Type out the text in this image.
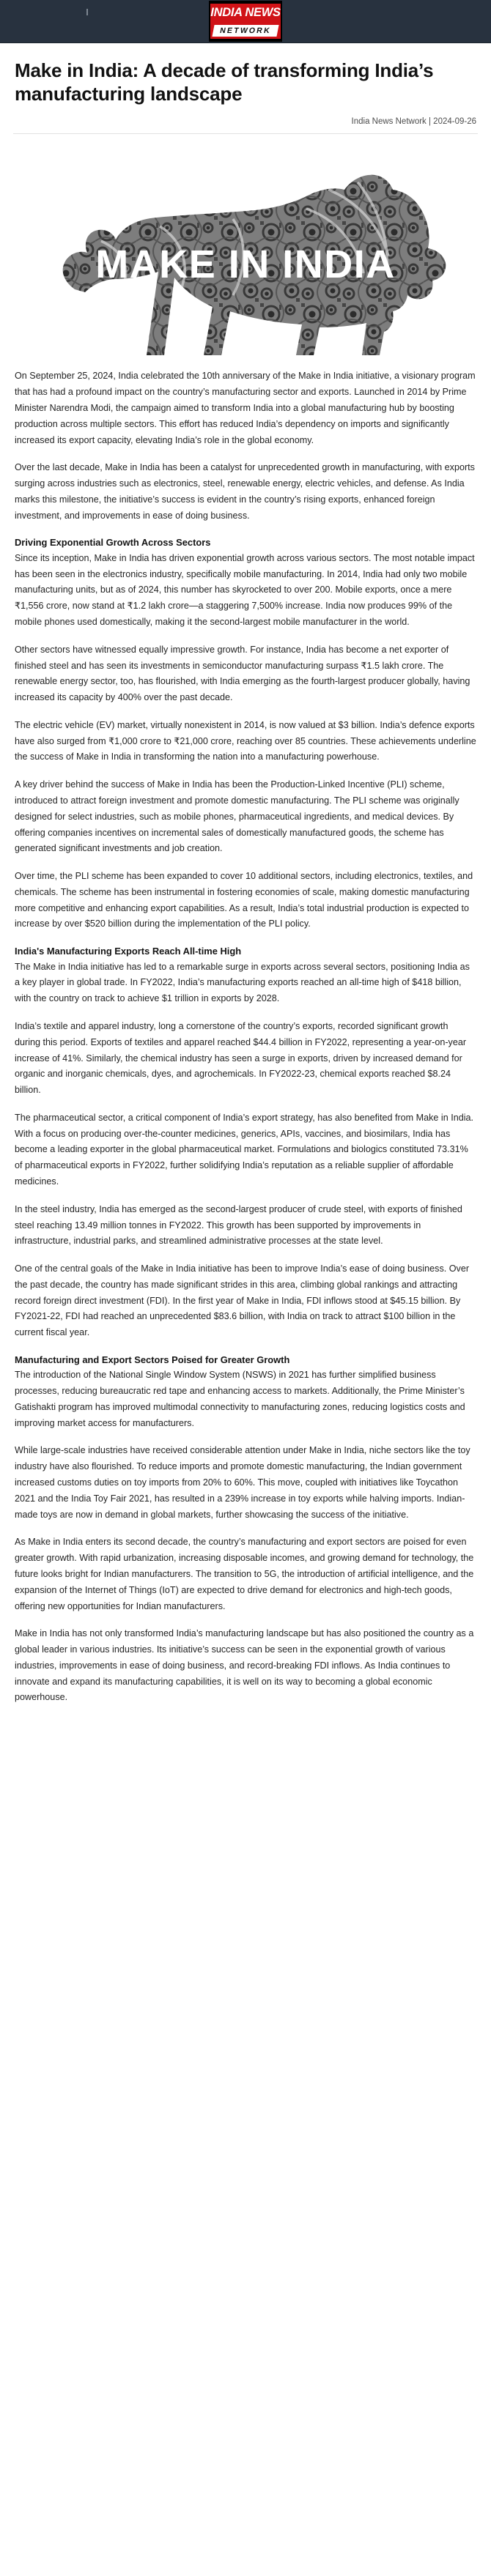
INDIA NEWS
NETWORK
Make in India: A decade of transforming India’s manufacturing landscape
India News Network | 2024-09-26
MAKE IN INDIA

On September 25, 2024, India celebrated the 10th anniversary of the Make in India initiative, a visionary program that has had a profound impact on the country’s manufacturing sector and exports. Launched in 2014 by Prime Minister Narendra Modi, the campaign aimed to transform India into a global manufacturing hub by boosting production across multiple sectors. This effort has reduced India’s dependency on imports and significantly increased its export capacity, elevating India’s role in the global economy.

Over the last decade, Make in India has been a catalyst for unprecedented growth in manufacturing, with exports surging across industries such as electronics, steel, renewable energy, electric vehicles, and defense. As India marks this milestone, the initiative’s success is evident in the country’s rising exports, enhanced foreign investment, and improvements in ease of doing business.

Driving Exponential Growth Across Sectors

Since its inception, Make in India has driven exponential growth across various sectors. The most notable impact has been seen in the electronics industry, specifically mobile manufacturing. In 2014, India had only two mobile manufacturing units, but as of 2024, this number has skyrocketed to over 200. Mobile exports, once a mere ₹1,556 crore, now stand at ₹1.2 lakh crore—a staggering 7,500% increase. India now produces 99% of the mobile phones used domestically, making it the second-largest mobile manufacturer in the world.

Other sectors have witnessed equally impressive growth. For instance, India has become a net exporter of finished steel and has seen its investments in semiconductor manufacturing surpass ₹1.5 lakh crore. The renewable energy sector, too, has flourished, with India emerging as the fourth-largest producer globally, having increased its capacity by 400% over the past decade.

The electric vehicle (EV) market, virtually nonexistent in 2014, is now valued at $3 billion. India’s defence exports have also surged from ₹1,000 crore to ₹21,000 crore, reaching over 85 countries. These achievements underline the success of Make in India in transforming the nation into a manufacturing powerhouse.

A key driver behind the success of Make in India has been the Production-Linked Incentive (PLI) scheme, introduced to attract foreign investment and promote domestic manufacturing. The PLI scheme was originally designed for select industries, such as mobile phones, pharmaceutical ingredients, and medical devices. By offering companies incentives on incremental sales of domestically manufactured goods, the scheme has generated significant investments and job creation.

Over time, the PLI scheme has been expanded to cover 10 additional sectors, including electronics, textiles, and chemicals. The scheme has been instrumental in fostering economies of scale, making domestic manufacturing more competitive and enhancing export capabilities. As a result, India’s total industrial production is expected to increase by over $520 billion during the implementation of the PLI policy.

India's Manufacturing Exports Reach All-time High

The Make in India initiative has led to a remarkable surge in exports across several sectors, positioning India as a key player in global trade. In FY2022, India’s manufacturing exports reached an all-time high of $418 billion, with the country on track to achieve $1 trillion in exports by 2028.

India’s textile and apparel industry, long a cornerstone of the country’s exports, recorded significant growth during this period. Exports of textiles and apparel reached $44.4 billion in FY2022, representing a year-on-year increase of 41%. Similarly, the chemical industry has seen a surge in exports, driven by increased demand for organic and inorganic chemicals, dyes, and agrochemicals. In FY2022-23, chemical exports reached $8.24 billion.

The pharmaceutical sector, a critical component of India’s export strategy, has also benefited from Make in India. With a focus on producing over-the-counter medicines, generics, APIs, vaccines, and biosimilars, India has become a leading exporter in the global pharmaceutical market. Formulations and biologics constituted 73.31% of pharmaceutical exports in FY2022, further solidifying India’s reputation as a reliable supplier of affordable medicines.

In the steel industry, India has emerged as the second-largest producer of crude steel, with exports of finished steel reaching 13.49 million tonnes in FY2022. This growth has been supported by improvements in infrastructure, industrial parks, and streamlined administrative processes at the state level.

One of the central goals of the Make in India initiative has been to improve India’s ease of doing business. Over the past decade, the country has made significant strides in this area, climbing global rankings and attracting record foreign direct investment (FDI). In the first year of Make in India, FDI inflows stood at $45.15 billion. By FY2021-22, FDI had reached an unprecedented $83.6 billion, with India on track to attract $100 billion in the current fiscal year.

Manufacturing and Export Sectors Poised for Greater Growth

The introduction of the National Single Window System (NSWS) in 2021 has further simplified business processes, reducing bureaucratic red tape and enhancing access to markets. Additionally, the Prime Minister’s Gatishakti program has improved multimodal connectivity to manufacturing zones, reducing logistics costs and improving market access for manufacturers.

While large-scale industries have received considerable attention under Make in India, niche sectors like the toy industry have also flourished. To reduce imports and promote domestic manufacturing, the Indian government increased customs duties on toy imports from 20% to 60%. This move, coupled with initiatives like Toycathon 2021 and the India Toy Fair 2021, has resulted in a 239% increase in toy exports while halving imports. Indian-made toys are now in demand in global markets, further showcasing the success of the initiative.

As Make in India enters its second decade, the country’s manufacturing and export sectors are poised for even greater growth. With rapid urbanization, increasing disposable incomes, and growing demand for technology, the future looks bright for Indian manufacturers. The transition to 5G, the introduction of artificial intelligence, and the expansion of the Internet of Things (IoT) are expected to drive demand for electronics and high-tech goods, offering new opportunities for Indian manufacturers.

Make in India has not only transformed India’s manufacturing landscape but has also positioned the country as a global leader in various industries. Its initiative’s success can be seen in the exponential growth of various industries, improvements in ease of doing business, and record-breaking FDI inflows. As India continues to innovate and expand its manufacturing capabilities, it is well on its way to becoming a global economic powerhouse.
